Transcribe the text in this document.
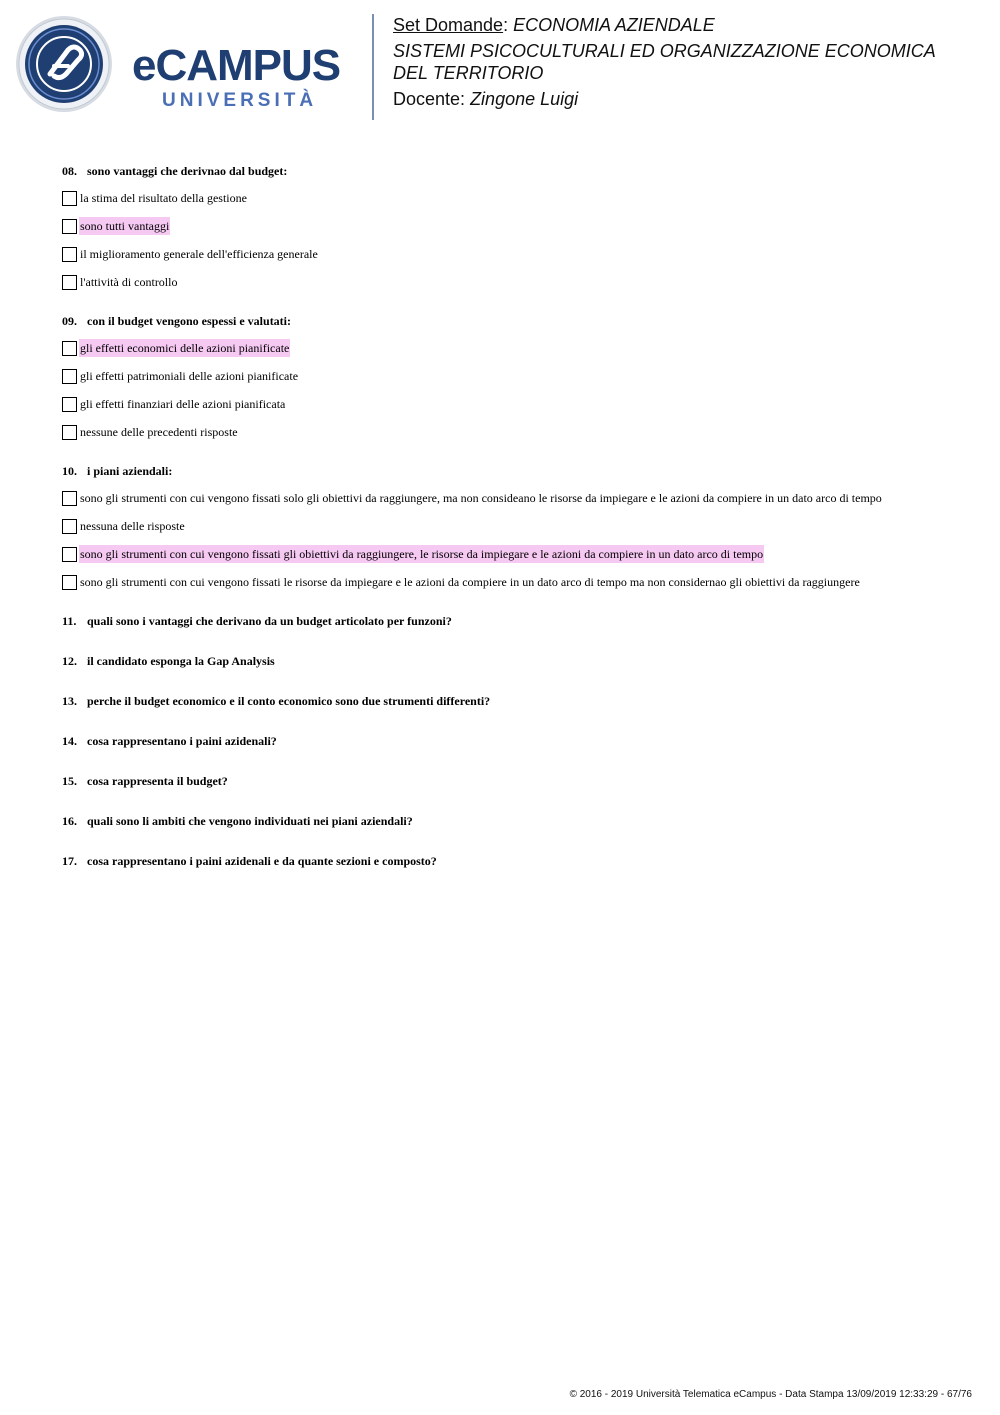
eCAMPUS
UNIVERSITÀ
Set Domande: ECONOMIA AZIENDALE
SISTEMI PSICOCULTURALI ED ORGANIZZAZIONE ECONOMICA
DEL TERRITORIO
Docente: Zingone Luigi
08. sono vantaggi che derivnao dal budget:
la stima del risultato della gestione
sono tutti vantaggi
il miglioramento generale dell'efficienza generale
l'attività di controllo
09. con il budget vengono espessi e valutati:
gli effetti economici delle azioni pianificate
gli effetti patrimoniali delle azioni pianificate
gli effetti finanziari delle azioni pianificata
nessune delle precedenti risposte
10. i piani aziendali:
sono gli strumenti con cui vengono fissati solo gli obiettivi da raggiungere, ma non consideano le risorse da impiegare e le azioni da compiere in un dato arco di tempo
nessuna delle risposte
sono gli strumenti con cui vengono fissati gli obiettivi da raggiungere, le risorse da impiegare e le azioni da compiere in un dato arco di tempo
sono gli strumenti con cui vengono fissati le risorse da impiegare e le azioni da compiere in un dato arco di tempo ma non considernao gli obiettivi da raggiungere
11. quali sono i vantaggi che derivano da un budget articolato per funzoni?
12. il candidato esponga la Gap Analysis
13. perche il budget economico e il conto economico sono due strumenti differenti?
14. cosa rappresentano i paini azidenali?
15. cosa rappresenta il budget?
16. quali sono li ambiti che vengono individuati nei piani aziendali?
17. cosa rappresentano i paini azidenali e da quante sezioni e composto?
© 2016 - 2019 Università Telematica eCampus - Data Stampa 13/09/2019 12:33:29 - 67/76
